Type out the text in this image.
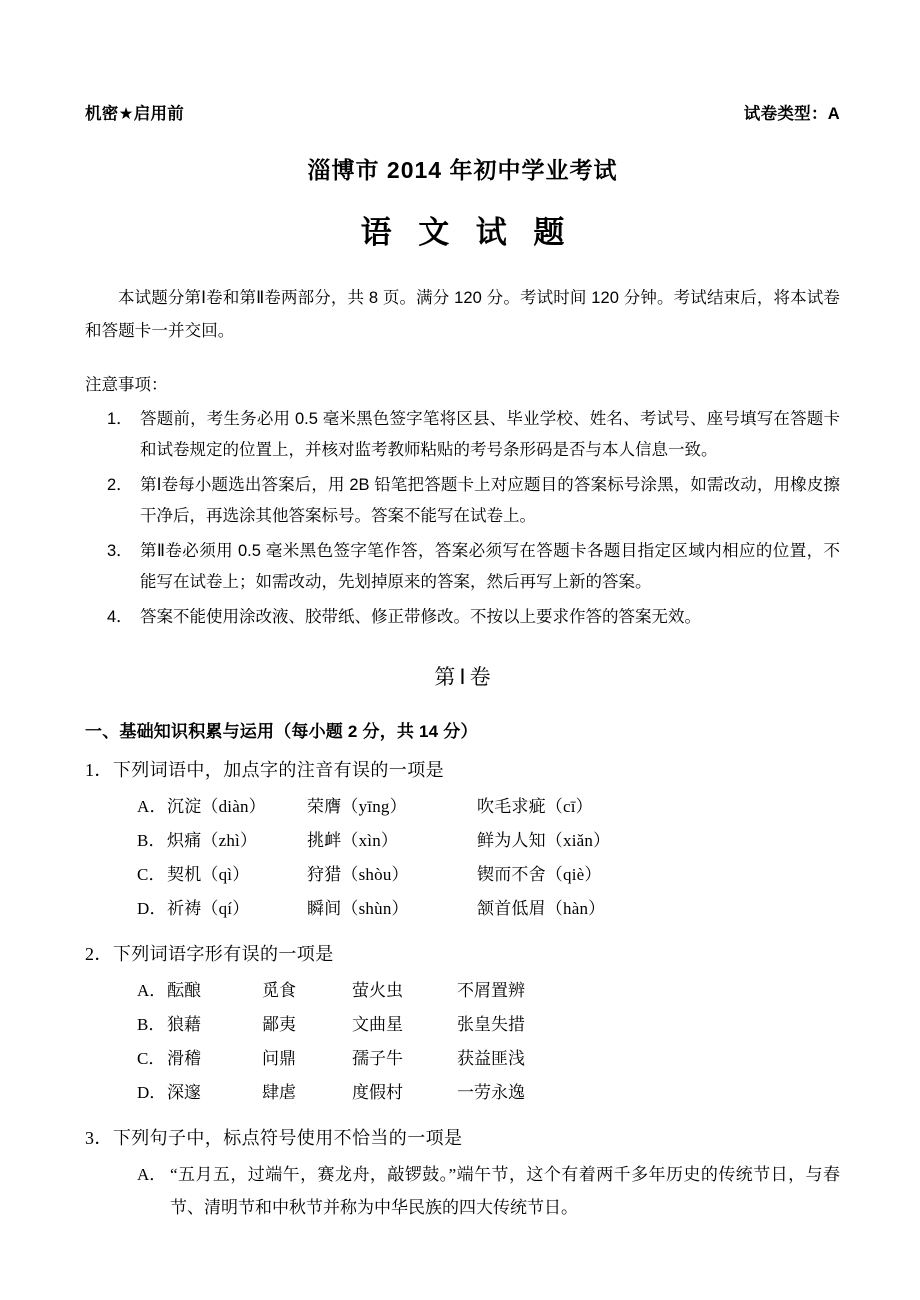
机密★启用前	试卷类型：A
淄博市 2014 年初中学业考试
语 文 试 题
本试题分第Ⅰ卷和第Ⅱ卷两部分，共 8 页。满分 120 分。考试时间 120 分钟。考试结束后，将本试卷和答题卡一并交回。
注意事项：
1． 答题前，考生务必用 0.5 毫米黑色签字笔将区县、毕业学校、姓名、考试号、座号填写在答题卡和试卷规定的位置上，并核对监考教师粘贴的考号条形码是否与本人信息一致。
2． 第Ⅰ卷每小题选出答案后，用 2B 铅笔把答题卡上对应题目的答案标号涂黑，如需改动，用橡皮擦干净后，再选涂其他答案标号。答案不能写在试卷上。
3． 第Ⅱ卷必须用 0.5 毫米黑色签字笔作答，答案必须写在答题卡各题目指定区域内相应的位置，不能写在试卷上；如需改动，先划掉原来的答案，然后再写上新的答案。
4． 答案不能使用涂改液、胶带纸、修正带修改。不按以上要求作答的答案无效。
第Ⅰ卷
一、基础知识积累与运用（每小题 2 分，共 14 分）
1．下列词语中，加点字的注音有误的一项是
A． 沉淀（diàn）	荣膺（yīng）	吹毛求疵（cī）
B． 炽痛（zhì）	挑衅（xìn）	鲜为人知（xiǎn）
C． 契机（qì）	狩猎（shòu）	锲而不舍（qiè）
D． 祈祷（qí）	瞬间（shùn）	颔首低眉（hàn）
2．下列词语字形有误的一项是
A． 酝酿	觅食	萤火虫	不屑置辨
B． 狼藉	鄙夷	文曲星	张皇失措
C． 滑稽	问鼎	孺子牛	获益匪浅
D． 深邃	肆虐	度假村	一劳永逸
3．下列句子中，标点符号使用不恰当的一项是
A． “五月五，过端午，赛龙舟，敲锣鼓。”端午节，这个有着两千多年历史的传统节日，与春节、清明节和中秋节并称为中华民族的四大传统节日。
